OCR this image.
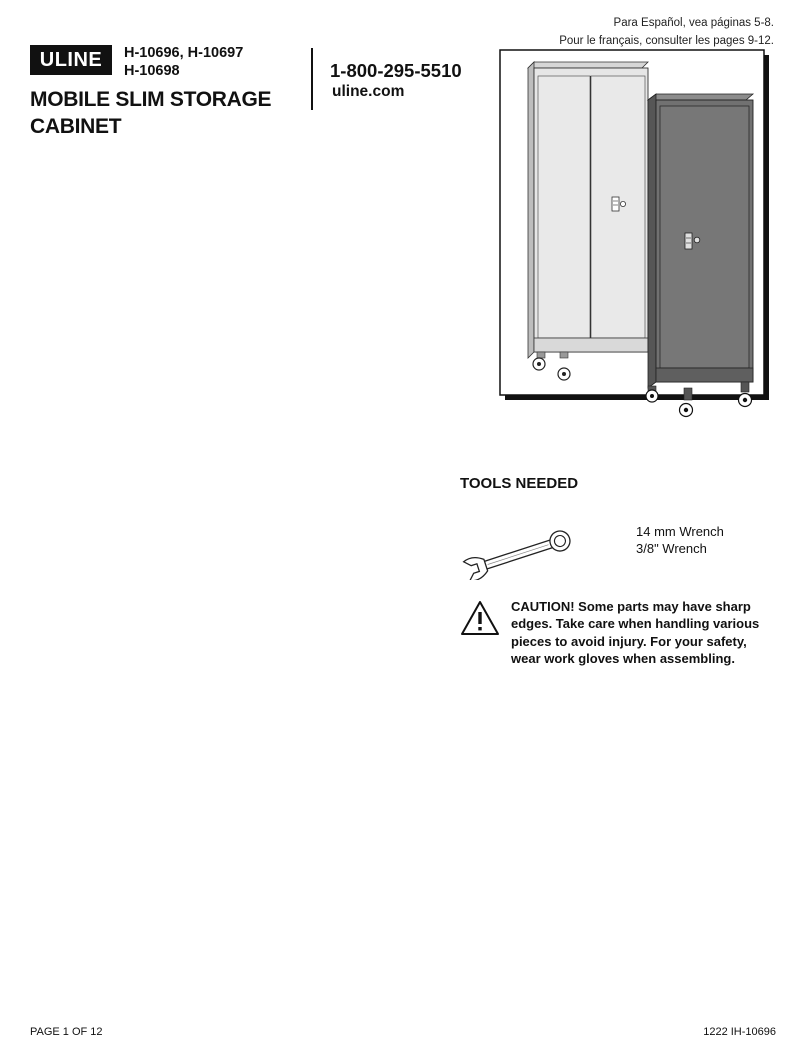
Para Español, vea páginas 5-8.
Pour le français, consulter les pages 9-12.
ULINE	H-10696, H-10697
H-10698
MOBILE SLIM STORAGE
CABINET
1-800-295-5510
uline.com
TOOLS NEEDED
14 mm Wrench
3/8" Wrench
CAUTION! Some parts may have sharp edges. Take care when handling various pieces to avoid injury. For your safety, wear work gloves when assembling.
PAGE 1 OF 12	1222 IH-10696
